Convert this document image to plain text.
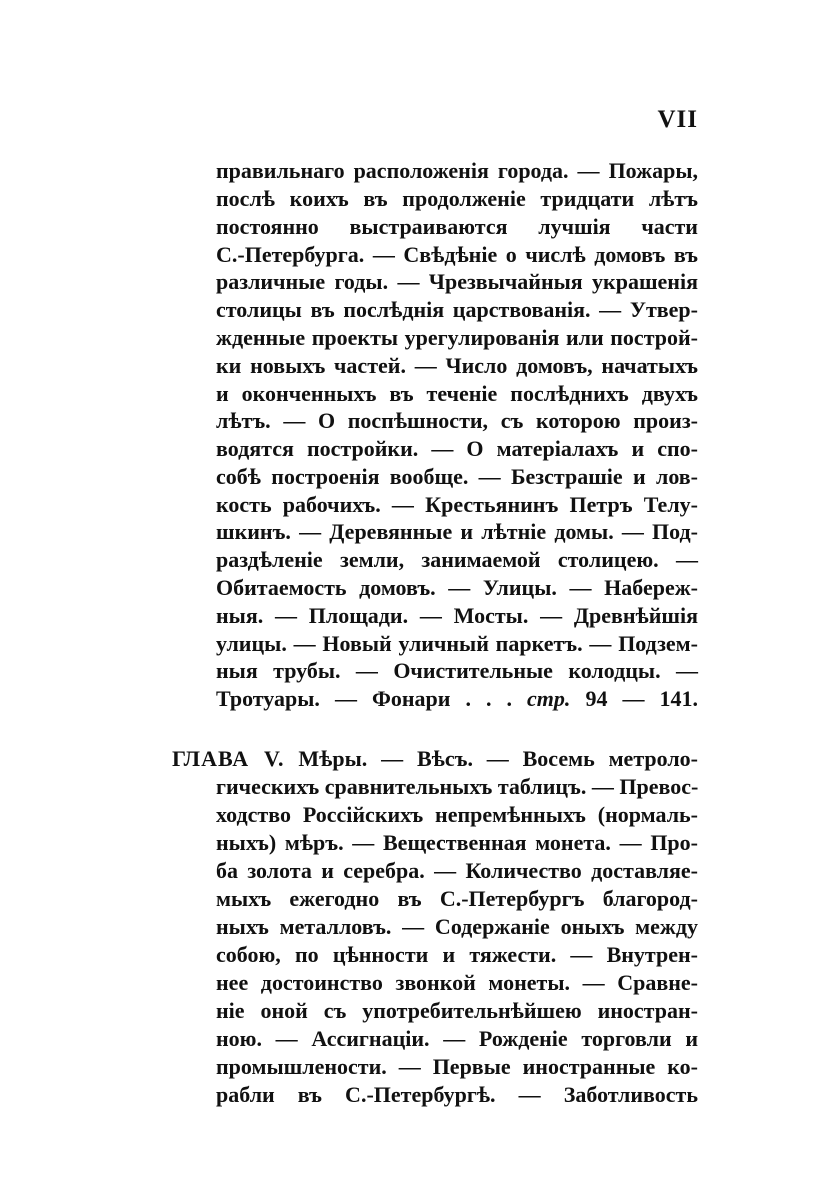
VII
правильнаго расположенія города. — Пожары,
послѣ коихъ въ продолженіе тридцати лѣтъ
постоянно выстраиваются лучшія части
С.-Петербурга. — Свѣдѣніе о числѣ домовъ въ
различные годы. — Чрезвычайныя украшенія
столицы въ послѣднія царствованія. — Утвер-
жденные проекты урегулированія или построй-
ки новыхъ частей. — Число домовъ, начатыхъ
и оконченныхъ въ теченіе послѣднихъ двухъ
лѣтъ. — О поспѣшности, съ которою произ-
водятся постройки. — О матеріалахъ и спо-
собѣ построенія вообще. — Безстрашіе и лов-
кость рабочихъ. — Крестьянинъ Петръ Телу-
шкинъ. — Деревянные и лѣтніе домы. — Под-
раздѣленіе земли, занимаемой столицею. —
Обитаемость домовъ. — Улицы. — Набереж-
ныя. — Площади. — Мосты. — Древнѣйшія
улицы. — Новый уличный паркетъ. — Подзем-
ныя трубы. — Очистительные колодцы. —
Тротуары. — Фонари . . . стр. 94 — 141.
ГЛАВА V. Мѣры. — Вѣсъ. — Восемь метроло-
гическихъ сравнительныхъ таблицъ. — Превос-
ходство Россійскихъ непремѣнныхъ (нормаль-
ныхъ) мѣръ. — Вещественная монета. — Про-
ба золота и серебра. — Количество доставляе-
мыхъ ежегодно въ С.-Петербургъ благород-
ныхъ металловъ. — Содержаніе оныхъ между
собою, по цѣнности и тяжести. — Внутрен-
нее достоинство звонкой монеты. — Сравне-
ніе оной съ употребительнѣйшею иностран-
ною. — Ассигнаціи. — Рожденіе торговли и
промышлености. — Первые иностранные ко-
рабли въ С.-Петербургѣ. — Заботливость
